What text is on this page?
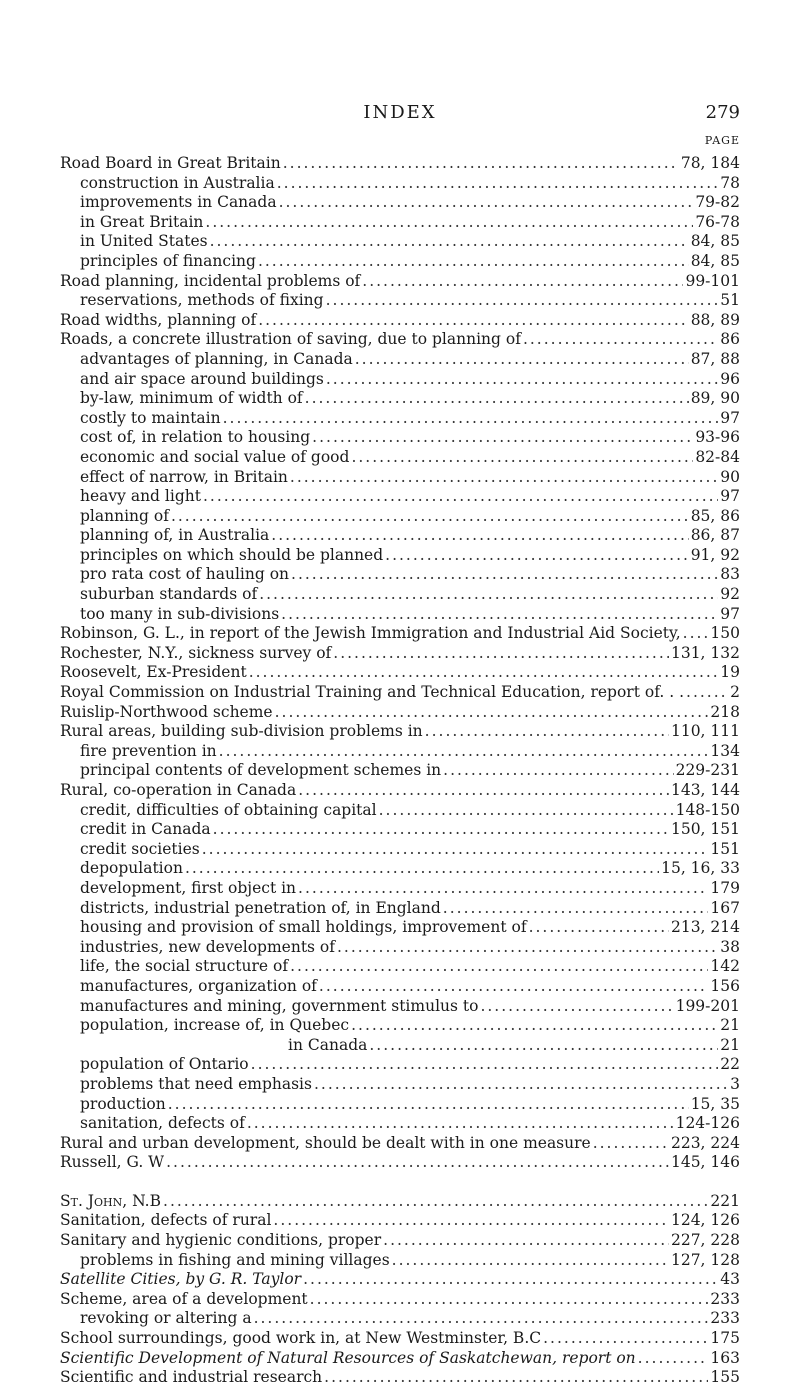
INDEX	279
PAGE
Road Board in Great Britain .....	78, 184
construction in Australia .....	78
improvements in Canada .....	79-82
in Great Britain .....	76-78
in United States .....	84, 85
principles of financing .....	84, 85
Road planning, incidental problems of .....	99-101
reservations, methods of fixing .....	51
Road widths, planning of .....	88, 89
Roads, a concrete illustration of saving, due to planning of .....	86
advantages of planning, in Canada .....	87, 88
and air space around buildings .....	96
by-law, minimum of width of .....	89, 90
costly to maintain .....	97
cost of, in relation to housing .....	93-96
economic and social value of good .....	82-84
effect of narrow, in Britain .....	90
heavy and light .....	97
planning of .....	85, 86
planning of, in Australia .....	86, 87
principles on which should be planned .....	91, 92
pro rata cost of hauling on .....	83
suburban standards of .....	92
too many in sub-divisions .....	97
Robinson, G. L., in report of the Jewish Immigration and Industrial Aid Society, ..... 150
Rochester, N.Y., sickness survey of .....	131, 132
Roosevelt, Ex-President .....	19
Royal Commission on Industrial Training and Technical Education, report of. . . .....	2
Ruislip-Northwood scheme .....	218
Rural areas, building sub-division problems in .....	110, 111
fire prevention in .....	134
principal contents of development schemes in .....	229-231
Rural, co-operation in Canada .....	143, 144
credit, difficulties of obtaining capital .....	148-150
credit in Canada .....	150, 151
credit societies .....	151
depopulation .....	15, 16, 33
development, first object in .....	179
districts, industrial penetration of, in England .....	167
housing and provision of small holdings, improvement of .....	213, 214
industries, new developments of .....	38
life, the social structure of .....	142
manufactures, organization of .....	156
manufactures and mining, government stimulus to .....	199-201
population, increase of, in Quebec .....	21
in Canada .....	21
population of Ontario .....	22
problems that need emphasis .....	3
production .....	15, 35
sanitation, defects of .....	124-126
Rural and urban development, should be dealt with in one measure .....	223, 224
Russell, G. W .....	145, 146
St. John, N.B .....	221
Sanitation, defects of rural .....	124, 126
Sanitary and hygienic conditions, proper .....	227, 228
problems in fishing and mining villages .....	127, 128
Satellite Cities, by G. R. Taylor .....	43
Scheme, area of a development .....	233
revoking or altering a .....	233
School surroundings, good work in, at New Westminster, B.C .....	175
Scientific Development of Natural Resources of Saskatchewan, report on .....	163
Scientific and industrial research .....	155
